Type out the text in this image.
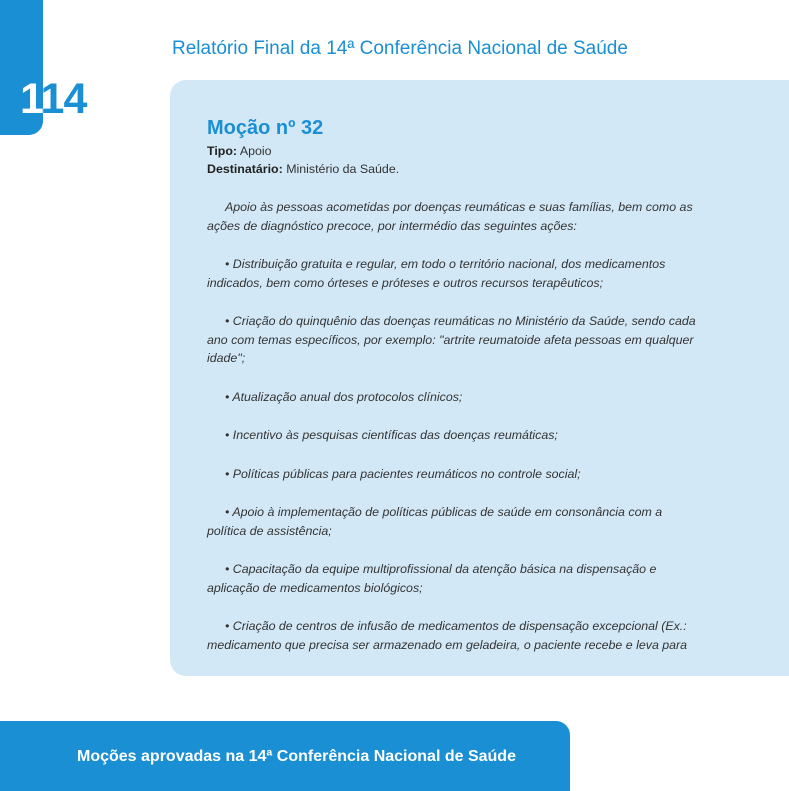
114
Relatório Final da 14ª Conferência Nacional de Saúde
Moção nº 32

Tipo: Apoio

Destinatário: Ministério da Saúde.

Apoio às pessoas acometidas por doenças reumáticas e suas famílias, bem como as ações de diagnóstico precoce, por intermédio das seguintes ações:

• Distribuição gratuita e regular, em todo o território nacional, dos medicamentos indicados, bem como órteses e próteses e outros recursos terapêuticos;

• Criação do quinquênio das doenças reumáticas no Ministério da Saúde, sendo cada ano com temas específicos, por exemplo: "artrite reumatoide afeta pessoas em qualquer idade";

• Atualização anual dos protocolos clínicos;

• Incentivo às pesquisas científicas das doenças reumáticas;

• Políticas públicas para pacientes reumáticos no controle social;

• Apoio à implementação de políticas públicas de saúde em consonância com a política de assistência;

• Capacitação da equipe multiprofissional da atenção básica na dispensação e aplicação de medicamentos biológicos;

• Criação de centros de infusão de medicamentos de dispensação excepcional (Ex.: medicamento que precisa ser armazenado em geladeira, o paciente recebe e leva para

Moções aprovadas na 14ª Conferência Nacional de Saúde
